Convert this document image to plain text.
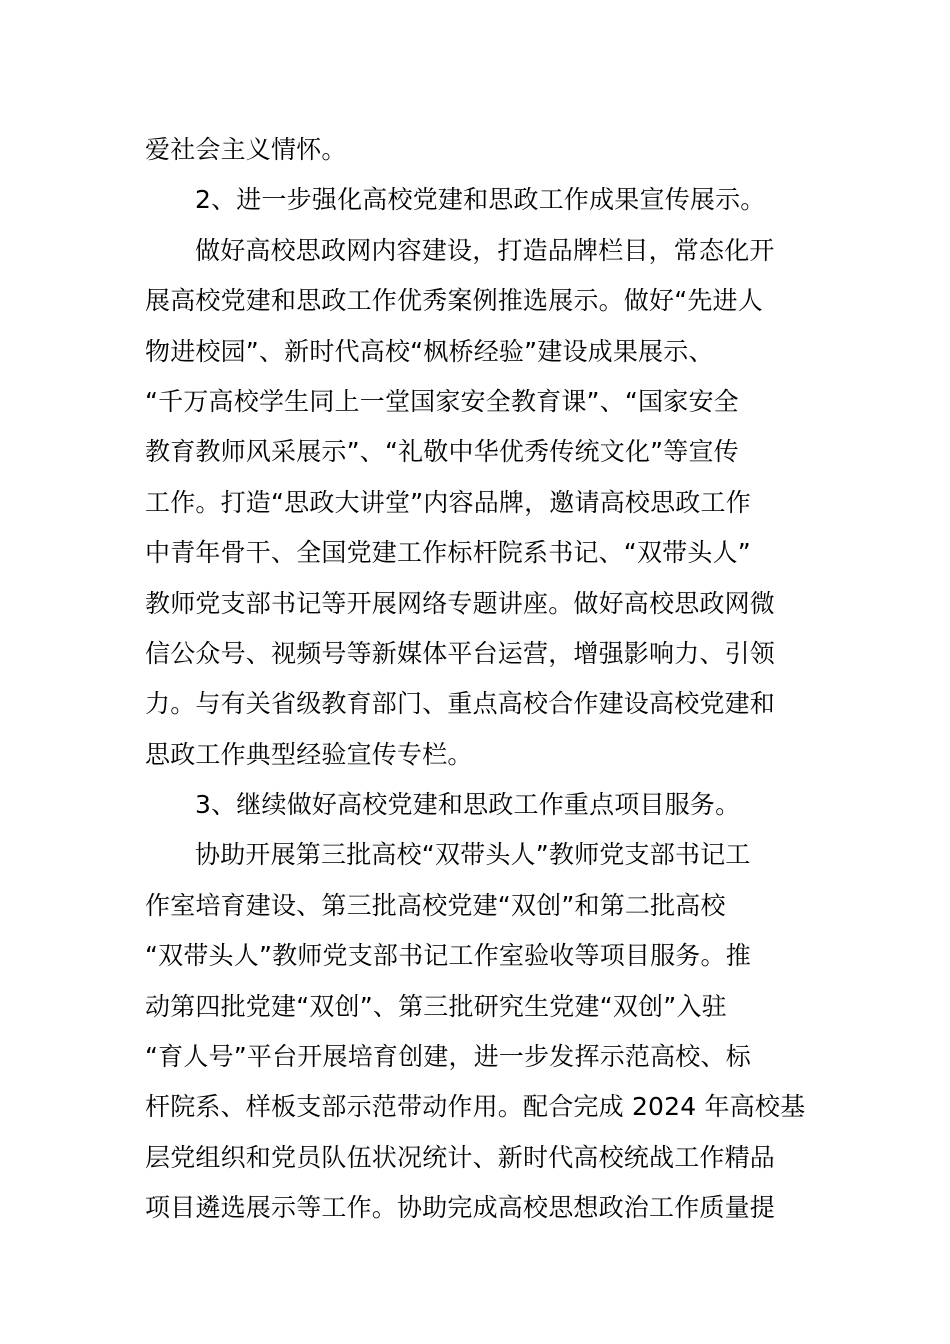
爱社会主义情怀。
2、进一步强化高校党建和思政工作成果宣传展示。
做好高校思政网内容建设，打造品牌栏目，常态化开
展高校党建和思政工作优秀案例推选展示。做好“先进人
物进校园”、新时代高校“枫桥经验”建设成果展示、
“千万高校学生同上一堂国家安全教育课”、“国家安全
教育教师风采展示”、“礼敬中华优秀传统文化”等宣传
工作。打造“思政大讲堂”内容品牌，邀请高校思政工作
中青年骨干、全国党建工作标杆院系书记、“双带头人”
教师党支部书记等开展网络专题讲座。做好高校思政网微
信公众号、视频号等新媒体平台运营，增强影响力、引领
力。与有关省级教育部门、重点高校合作建设高校党建和
思政工作典型经验宣传专栏。
3、继续做好高校党建和思政工作重点项目服务。
协助开展第三批高校“双带头人”教师党支部书记工
作室培育建设、第三批高校党建“双创”和第二批高校
“双带头人”教师党支部书记工作室验收等项目服务。推
动第四批党建“双创”、第三批研究生党建“双创”入驻
“育人号”平台开展培育创建，进一步发挥示范高校、标
杆院系、样板支部示范带动作用。配合完成 2024 年高校基
层党组织和党员队伍状况统计、新时代高校统战工作精品
项目遴选展示等工作。协助完成高校思想政治工作质量提
